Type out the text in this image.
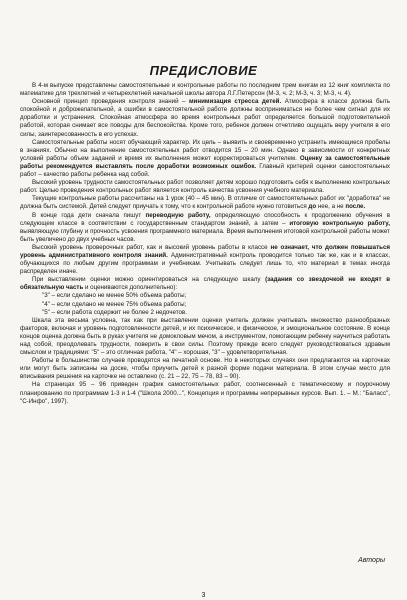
ПРЕДИСЛОВИЕ

В 4-м выпуске представлены самостоятельные и контрольные работы по последним трем книгам из 12 книг комплекта по математике для трехлетней и четырехлетней начальной школы автора Л.Г.Петерсон (М-3, ч. 2; М-3, ч. 3; М-3, ч. 4).

Основной принцип проведения контроля знаний – минимизация стресса детей. Атмосфера в классе должна быть спокойной и доброжелательной, а ошибки в самостоятельной работе должны восприниматься не более чем сигнал для их доработки и устранения. Спокойная атмосфера во время контрольных работ определяется большой подготовительной работой, которая снимает все поводы для беспокойства. Кроме того, ребенок должен отчетливо ощущать веру учителя в его силы, заинтересованность в его успехах.

Самостоятельные работы носят обучающий характер. Их цель – выявить и своевременно устранить имеющиеся пробелы в знаниях. Обычно на выполнение самостоятельных работ отводится 15 – 20 мин. Однако в зависимости от конкретных условий работы объем заданий и время их выполнения может корректироваться учителем. Оценку за самостоятельные работы рекомендуется выставлять после доработки возможных ошибок. Главный критерий оценки самостоятельных работ – качество работы ребенка над собой.

Высокий уровень трудности самостоятельных работ позволяет детям хорошо подготовить себя к выполнению контрольных работ. Целью проведения контрольных работ является контроль качества усвоения учебного материала.

Текущие контрольные работы рассчитаны на 1 урок (40 – 45 мин). В отличие от самостоятельных работ их "доработка" не должна быть системой. Детей следует приучать к тому, что к контрольной работе нужно готовиться до нее, а не после.

В конце года дети сначала пишут переводную работу, определяющую способность к продолжению обучения в следующем классе в соответствии с государственным стандартом знаний, а затем – итоговую контрольную работу, выявляющую глубину и прочность усвоения программного материала. Время выполнения итоговой контрольной работы может быть увеличено до двух учебных часов.

Высокий уровень проверочных работ, как и высокий уровень работы в классе не означает, что должен повышаться уровень административного контроля знаний. Административный контроль проводится только так же, как и в классах, обучающихся по любым другим программам и учебникам. Учитывать следует лишь то, что материал в темах иногда распределен иначе.

При выставлении оценки можно ориентироваться на следующую шкалу (задания со звездочкой не входят в обязательную часть и оцениваются дополнительно):

"3" – если сделано не менее 50% объема работы;

"4" – если сделано не менее 75% объема работы;

"5" – если работа содержит не более 2 недочетов.

Шкала эта весьма условна, так как при выставлении оценки учитель должен учитывать множество разнообразных факторов, включая и уровень подготовленности детей, и их психическое, и физическое, и эмоциональное состояние. В конце концов оценка должна быть в руках учителя не домокловым мечом, а инструментом, помогающим ребенку научиться работать над собой, преодолевать трудности, поверить в свои силы. Поэтому прежде всего следует руководствоваться здравым смыслом и традициями: "5" – это отличная работа, "4" – хорошая, "3" – удовлетворительная.

Работы в большинстве случаев проводятся на печатной основе. Но в некоторых случаях они предлагаются на карточках или могут быть записаны на доске, чтобы приучить детей к разной форме подачи материала. В этом случае место для вписывания решения на карточке не оставлено (с. 21 – 22, 75 – 78, 83 – 90).

На страницах 95 – 96 приведен график самостоятельных работ, соотнесенный с тематическому и поурочному планированию по программам 1-3 и 1-4 ("Школа 2000...", Концепция и программы непрерывных курсов. Вып. 1. – М.: "Баласс", "С-Инфо", 1997).

Авторы
3
